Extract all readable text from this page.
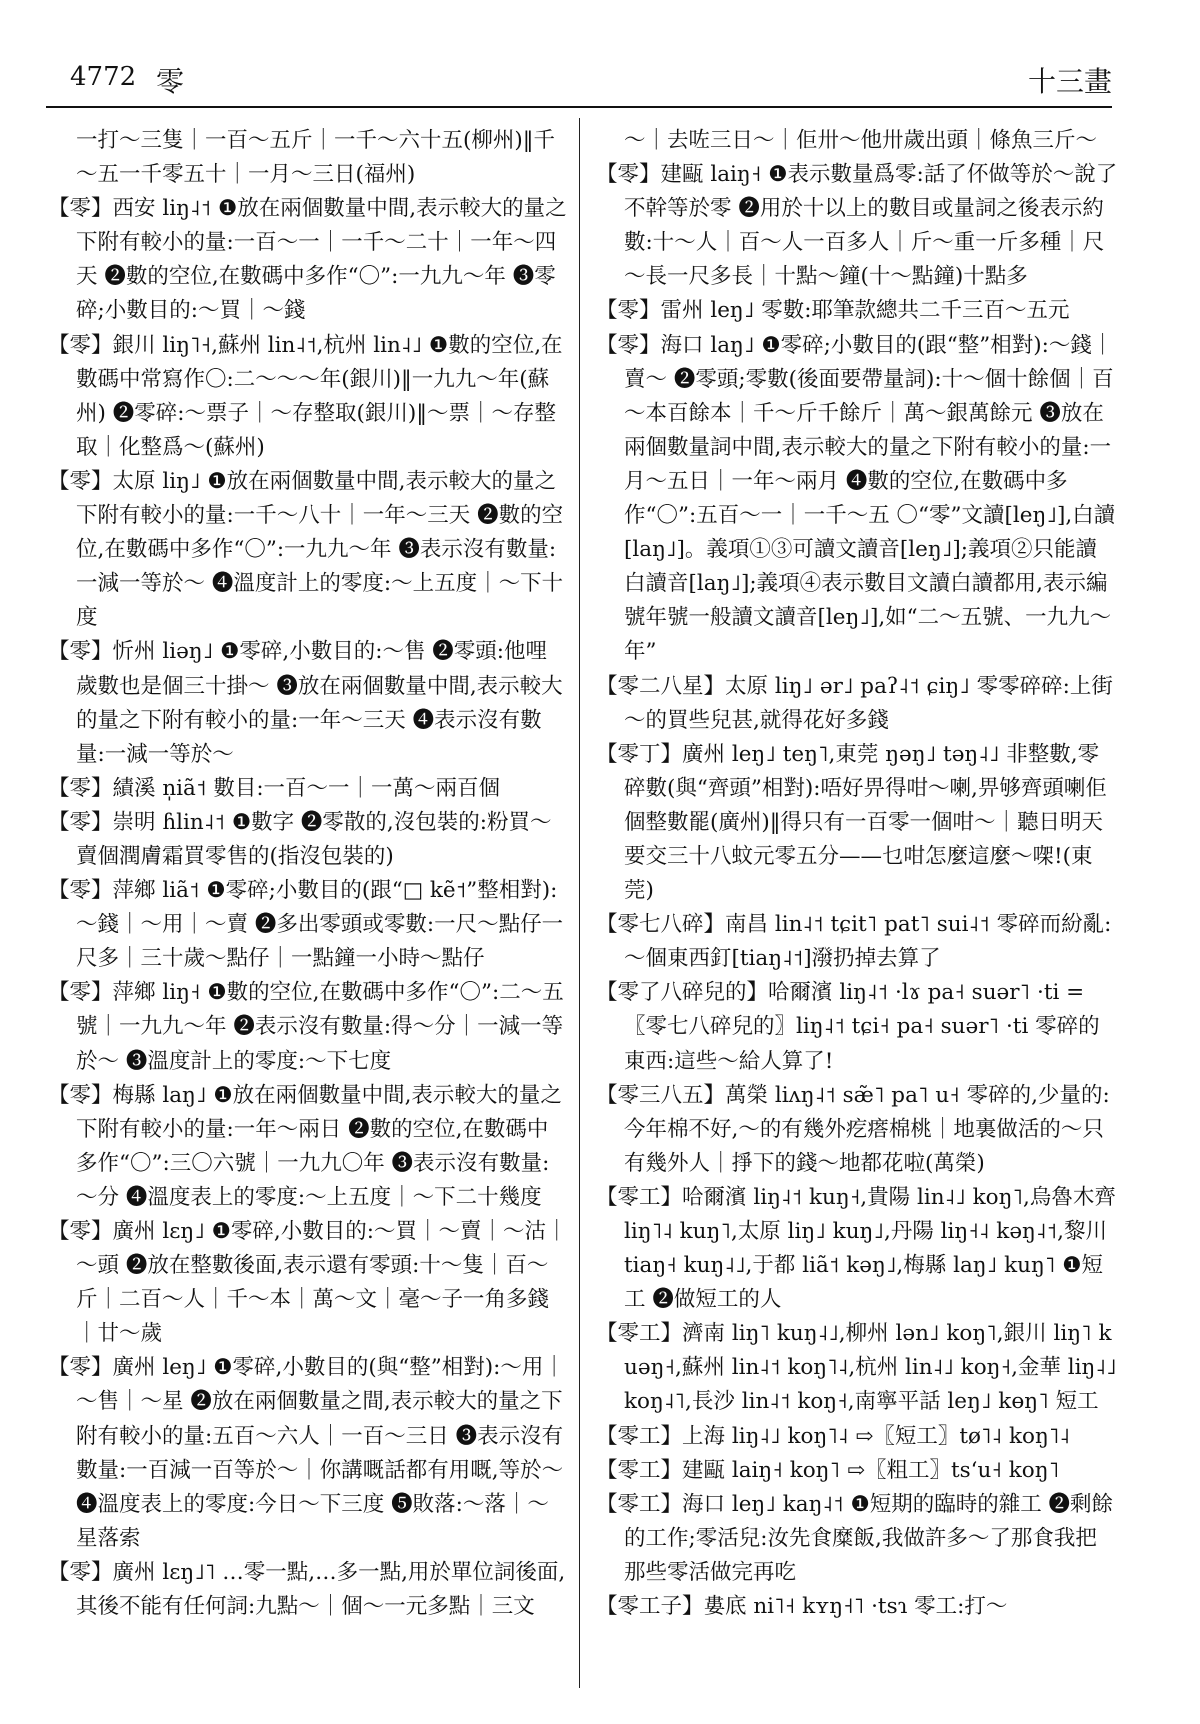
4772 零	十三畫

一打～三隻｜一百～五斤｜一千～六十五(柳州)‖千～五一千零五十｜一月～三日(福州)

【零】西安 liŋ˨˦ ❶放在兩個數量中間,表示較大的量之下附有較小的量:一百～一｜一千～二十｜一年～四天 ❷數的空位,在數碼中多作“〇”:一九九～年 ❸零碎;小數目的:～買｜～錢

【零】銀川 liŋ˥˧,蘇州 lin˨˦,杭州 lin˨˩ ❶數的空位,在數碼中常寫作〇:二～～～年(銀川)‖一九九～年(蘇州) ❷零碎:～票子｜～存整取(銀川)‖～票｜～存整取｜化整爲～(蘇州)

【零】太原 liŋ˩ ❶放在兩個數量中間,表示較大的量之下附有較小的量:一千～八十｜一年～三天 ❷數的空位,在數碼中多作“〇”:一九九～年 ❸表示沒有數量:一減一等於～ ❹溫度計上的零度:～上五度｜～下十度

【零】忻州 liəŋ˩ ❶零碎,小數目的:～售 ❷零頭:他哩歲數也是個三十掛～ ❸放在兩個數量中間,表示較大的量之下附有較小的量:一年～三天 ❹表示沒有數量:一減一等於～

【零】績溪 n̩iã˦ 數目:一百～一｜一萬～兩百個

【零】崇明 ɦlin˨˦ ❶數字 ❷零散的,沒包裝的:粉買～賣個潤膚霜買零售的(指沒包裝的)

【零】萍鄉 liã˦ ❶零碎;小數目的(跟“□ kẽ˦”整相對):～錢｜～用｜～賣 ❷多出零頭或零數:一尺～點仔一尺多｜三十歲～點仔｜一點鐘一小時～點仔

【零】萍鄉 liŋ˧ ❶數的空位,在數碼中多作“〇”:二～五號｜一九九～年 ❷表示沒有數量:得～分｜一減一等於～ ❸溫度計上的零度:～下七度

【零】梅縣 laŋ˩ ❶放在兩個數量中間,表示較大的量之下附有較小的量:一年～兩日 ❷數的空位,在數碼中多作“〇”:三〇六號｜一九九〇年 ❸表示沒有數量:～分 ❹溫度表上的零度:～上五度｜～下二十幾度

【零】廣州 lɛŋ˩ ❶零碎,小數目的:～買｜～賣｜～沽｜～頭 ❷放在整數後面,表示還有零頭:十～隻｜百～斤｜二百～人｜千～本｜萬～文｜毫～子一角多錢｜廿～歲

【零】廣州 leŋ˩ ❶零碎,小數目的(與“整”相對):～用｜～售｜～星 ❷放在兩個數量之間,表示較大的量之下附有較小的量:五百～六人｜一百～三日 ❸表示沒有數量:一百減一百等於～｜你講嘅話都有用嘅,等於～ ❹溫度表上的零度:今日～下三度 ❺敗落:～落｜～星落索

【零】廣州 lɛŋ˩˥ …零一點,…多一點,用於單位詞後面,其後不能有任何詞:九點～｜個～一元多點｜三文

～｜去咗三日～｜佢卅～他卅歲出頭｜條魚三斤～

【零】建甌 laiŋ˧ ❶表示數量爲零:話了伓做等於～說了不幹等於零 ❷用於十以上的數目或量詞之後表示約數:十～人｜百～人一百多人｜斤～重一斤多種｜尺～長一尺多長｜十點～鐘(十～點鐘)十點多

【零】雷州 leŋ˩ 零數:耶筆款總共二千三百～五元

【零】海口 laŋ˩ ❶零碎;小數目的(跟“整”相對):～錢｜賣～ ❷零頭;零數(後面要帶量詞):十～個十餘個｜百～本百餘本｜千～斤千餘斤｜萬～銀萬餘元 ❸放在兩個數量詞中間,表示較大的量之下附有較小的量:一月～五日｜一年～兩月 ❹數的空位,在數碼中多作“〇”:五百～一｜一千～五 〇“零”文讀[leŋ˩],白讀[laŋ˩]。義項①③可讀文讀音[leŋ˩];義項②只能讀白讀音[laŋ˩];義項④表示數目文讀白讀都用,表示編號年號一般讀文讀音[leŋ˩],如“二～五號、一九九～年”

【零二八星】太原 liŋ˩ ər˩ paʔ˨˦ ɕiŋ˩ 零零碎碎:上街～的買些兒甚,就得花好多錢

【零丁】廣州 leŋ˩ teŋ˥,東莞 ŋəŋ˩ təŋ˨˩ 非整數,零碎數(與“齊頭”相對):唔好畀得咁～喇,畀够齊頭喇佢個整數罷(廣州)‖得只有一百零一個咁～｜聽日明天要交三十八蚊元零五分——乜咁怎麼這麼～㗎!(東莞)

【零七八碎】南昌 lin˨˦ tɕit˥ pat˥ sui˨˦ 零碎而紛亂:～個東西釘[tiaŋ˨˦]潑扔掉去算了

【零了八碎兒的】哈爾濱 liŋ˨˦ ·lɤ pa˧ suər˥ ·ti =〖零七八碎兒的〗liŋ˨˦ tɕi˧ pa˧ suər˥ ·ti 零碎的東西:這些～給人算了!

【零三八五】萬榮 liʌŋ˨˦ sæ̃˥ pa˥ u˧ 零碎的,少量的:今年棉不好,～的有幾外疙瘩棉桃｜地裏做活的～只有幾外人｜掙下的錢～地都花啦(萬榮)

【零工】哈爾濱 liŋ˨˦ kuŋ˧,貴陽 lin˨˩ koŋ˥,烏魯木齊 liŋ˥˨ kuŋ˥,太原 liŋ˩ kuŋ˩,丹陽 liŋ˧˨ kəŋ˨˦,黎川 tiaŋ˧ kuŋ˨˩,于都 liã˦ kəŋ˩,梅縣 laŋ˩ kuŋ˥ ❶短工 ❷做短工的人

【零工】濟南 liŋ˥ kuŋ˨˩,柳州 lən˩ koŋ˥,銀川 liŋ˥ kuəŋ˧,蘇州 lin˨˦ koŋ˥˨,杭州 lin˨˩ koŋ˧,金華 liŋ˨˩ koŋ˨˥,長沙 lin˨˦ koŋ˧,南寧平話 leŋ˩ kɵŋ˥ 短工

【零工】上海 liŋ˨˩ koŋ˥˨ ⇨〖短工〗tø˥˨ koŋ˥˨

【零工】建甌 laiŋ˧ koŋ˥ ⇨〖粗工〗tsʻu˧ koŋ˥

【零工】海口 leŋ˩ kaŋ˨˦ ❶短期的臨時的雜工 ❷剩餘的工作;零活兒:汝先食糜飯,我做許多～了那食我把那些零活做完再吃

【零工子】婁底 ni˥˧ kʏŋ˧˥ ·tsɿ 零工:打～
